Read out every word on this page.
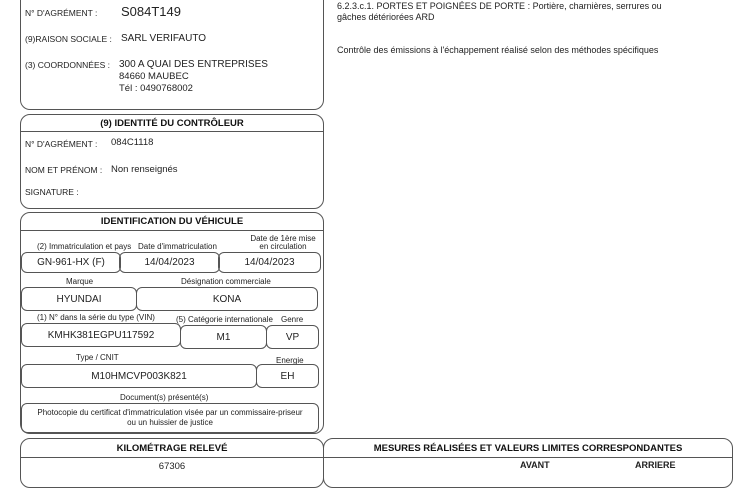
N° D'AGRÉMENT : S084T149
(9)RAISON SOCIALE : SARL VERIFAUTO
(3) COORDONNÉES : 300 A QUAI DES ENTREPRISES
84660 MAUBEC
Tél : 0490768002
(9) IDENTITÉ DU CONTRÔLEUR
N° D'AGRÉMENT : 084C1118
NOM ET PRÉNOM : Non renseignés
SIGNATURE :
IDENTIFICATION DU VÉHICULE
(2) Immatriculation et pays Date d'immatriculation
Date de 1ère mise
en circulation
GN-961-HX (F)	14/04/2023	14/04/2023
Marque	Désignation commerciale
HYUNDAI	KONA
(1) N° dans la série du type (VIN)	(5) Catégorie internationale Genre
KMHK381EGPU117592	M1	VP
Type / CNIT	Energie
M10HMCVP003K821	EH
Document(s) présenté(s)
Photocopie du certificat d'immatriculation visée par un commissaire-priseur
ou un huissier de justice
KILOMÉTRAGE RELEVÉ
67306
MESURES RÉALISÉES ET VALEURS LIMITES CORRESPONDANTES
AVANT	ARRIERE
6.2.3.c.1. PORTES ET POIGNÉES DE PORTE : Portière, charnières, serrures ou
gâches détériorées ARD
Contrôle des émissions à l'échappement réalisé selon des méthodes spécifiques
